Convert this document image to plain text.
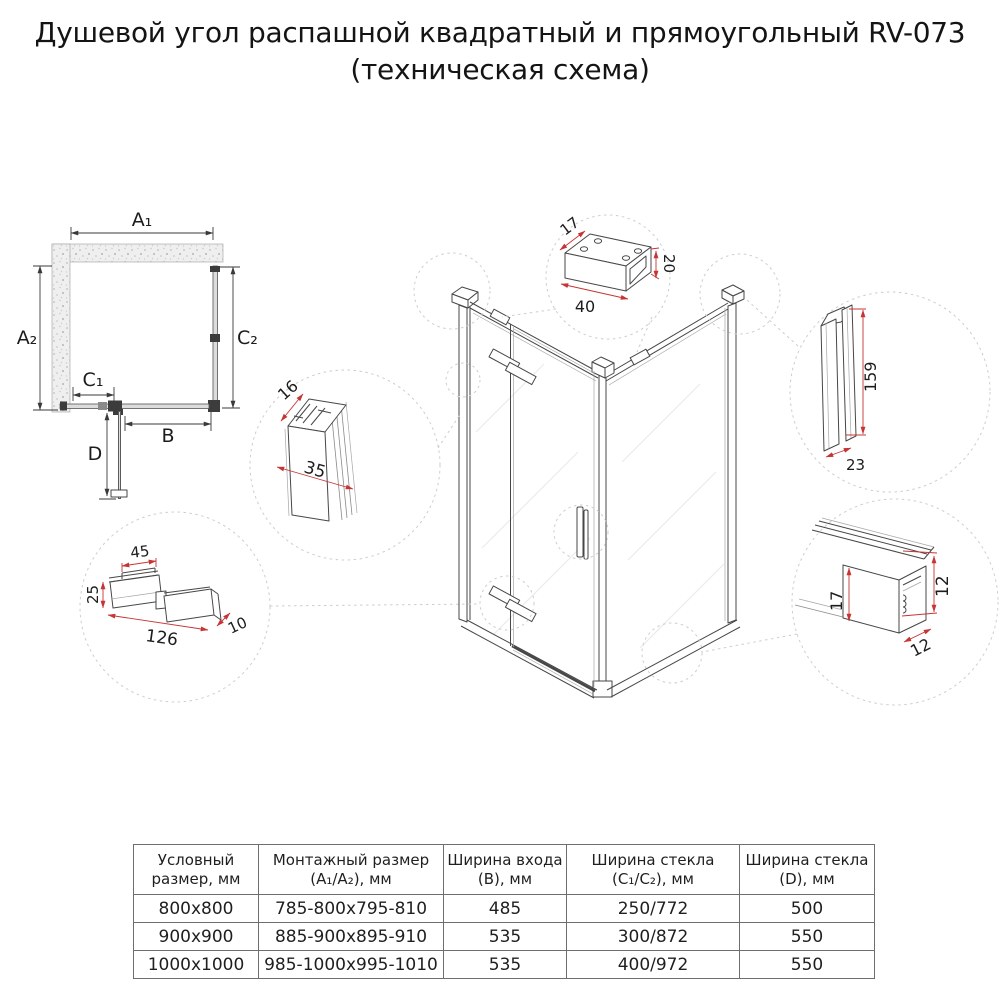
Душевой угол распашной квадратный и прямоугольный RV-073
(техническая схема)
A₁
A₂	C₂
C₁
B
D
17
40
20
16
35
45
25
126
10
159
23
17
12
12
Условный размер, мм	Монтажный размер (A₁/A₂), мм	Ширина входа (B), мм	Ширина стекла (C₁/C₂), мм	Ширина стекла (D), мм
800x800	785-800x795-810	485	250/772	500
900x900	885-900x895-910	535	300/872	550
1000x1000	985-1000x995-1010	535	400/972	550
